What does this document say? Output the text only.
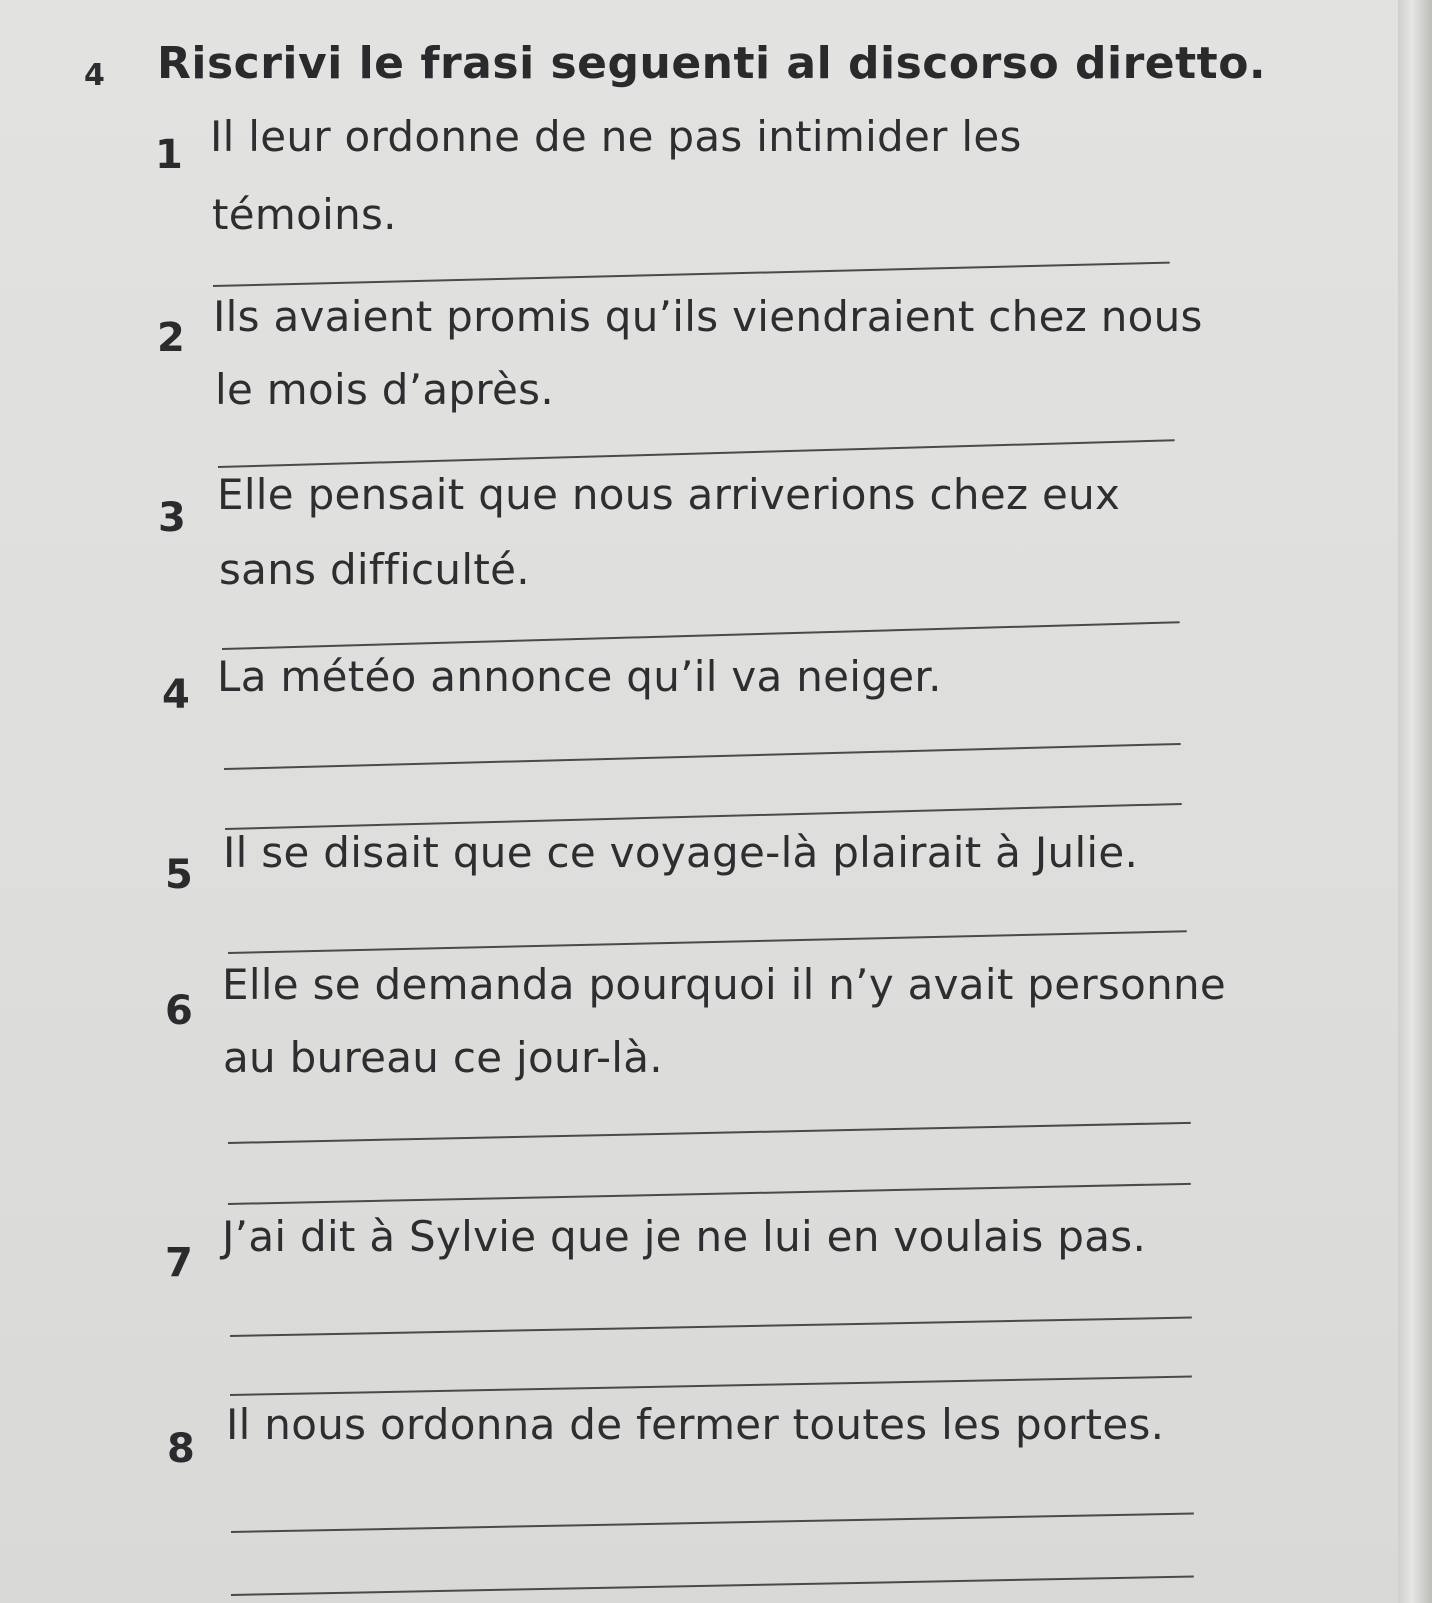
4 Riscrivi le frasi seguenti al discorso diretto.
1 Il leur ordonne de ne pas intimider les
témoins.
2 Ils avaient promis qu’ils viendraient chez nous
le mois d’après.
3 Elle pensait que nous arriverions chez eux
sans difficulté.
4 La météo annonce qu’il va neiger.
5 Il se disait que ce voyage-là plairait à Julie.
6
Elle se demanda pourquoi il n’y avait personne
au bureau ce jour-là.
7
J’ai dit à Sylvie que je ne lui en voulais pas.
8 Il nous ordonna de fermer toutes les portes.
